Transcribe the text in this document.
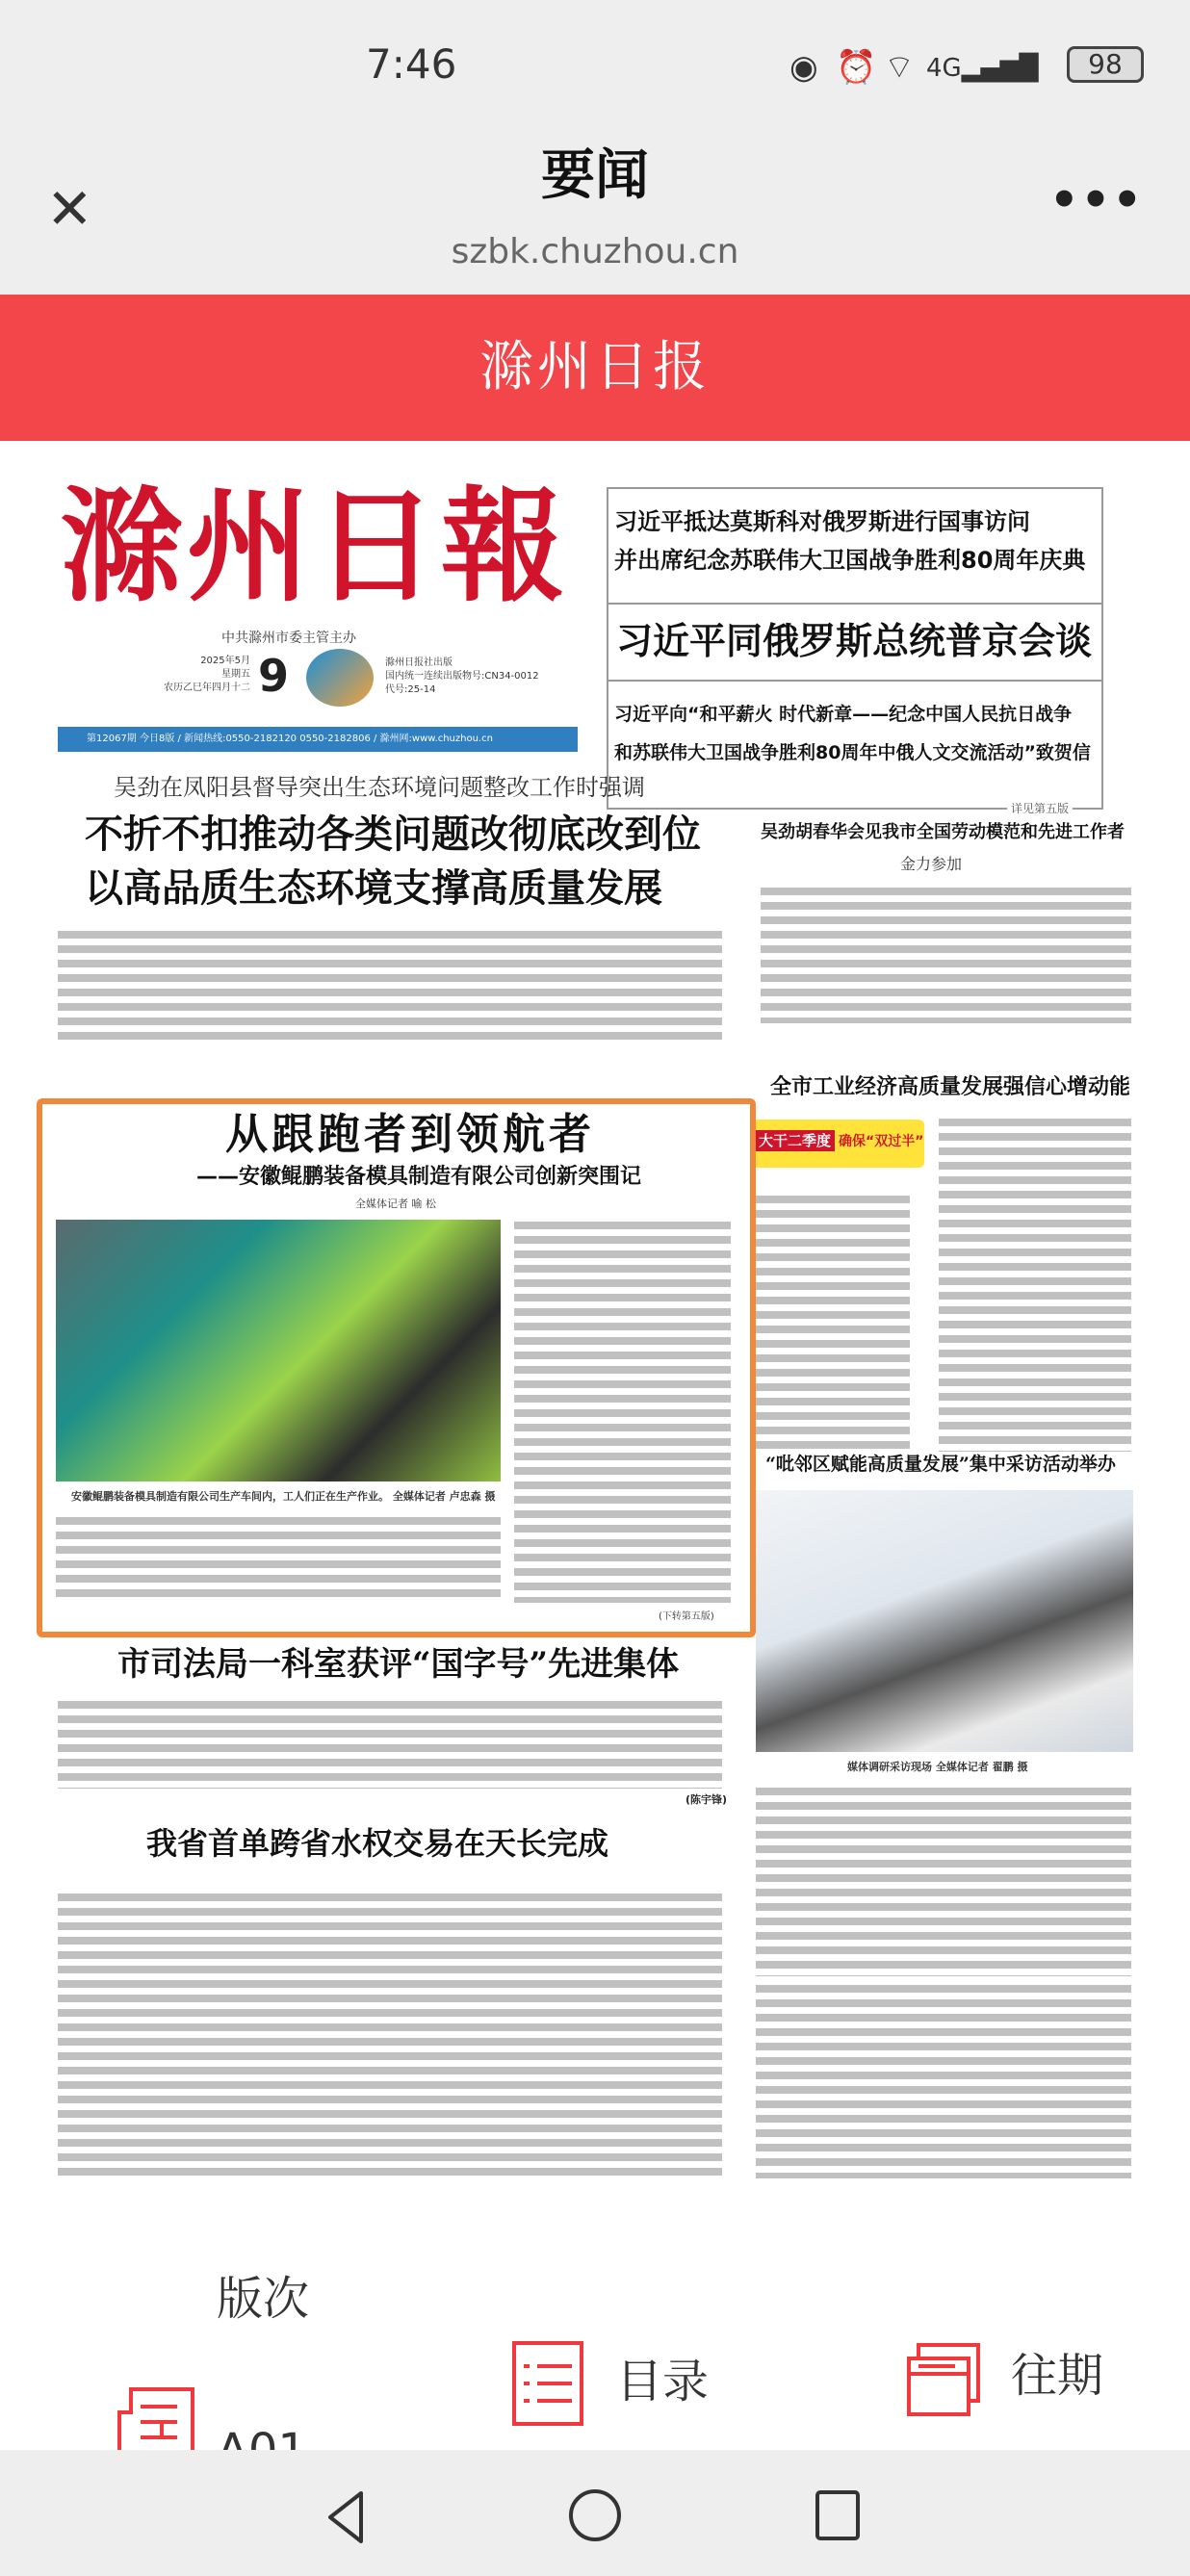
7:46	◉ ⏰ ⌔ 4G▂▄▆█	98
✕
要闻
szbk.chuzhou.cn
•••
滁州日报
滁州日報
中共滁州市委主管主办
2025年5月
星期五
农历乙巳年四月十二 9	滁州日报社出版
国内统一连续出版物号:CN34-0012
代号:25-14
第12067期 今日8版 / 新闻热线:0550-2182120 0550-2182806 / 滁州网:www.chuzhou.cn
习近平抵达莫斯科对俄罗斯进行国事访问
并出席纪念苏联伟大卫国战争胜利80周年庆典
习近平同俄罗斯总统普京会谈
习近平向“和平薪火 时代新章——纪念中国人民抗日战争
和苏联伟大卫国战争胜利80周年中俄人文交流活动”致贺信
详见第五版
吴劲在凤阳县督导突出生态环境问题整改工作时强调
不折不扣推动各类问题改彻底改到位
以高品质生态环境支撑高质量发展
吴劲胡春华会见我市全国劳动模范和先进工作者
金力参加
全市工业经济高质量发展强信心增动能
大干二季度 确保“双过半”
“吡邻区赋能高质量发展”集中采访活动举办
媒体调研采访现场 全媒体记者 翟鹏 摄
从跟跑者到领航者
——安徽鲲鹏装备模具制造有限公司创新突围记
全媒体记者 喻 松
安徽鲲鹏装备模具制造有限公司生产车间内，工人们正在生产作业。 全媒体记者 卢忠森 摄
(下转第五版)
市司法局一科室获评“国字号”先进集体
(陈宇锋)
我省首单跨省水权交易在天长完成
版次
目录	往期
